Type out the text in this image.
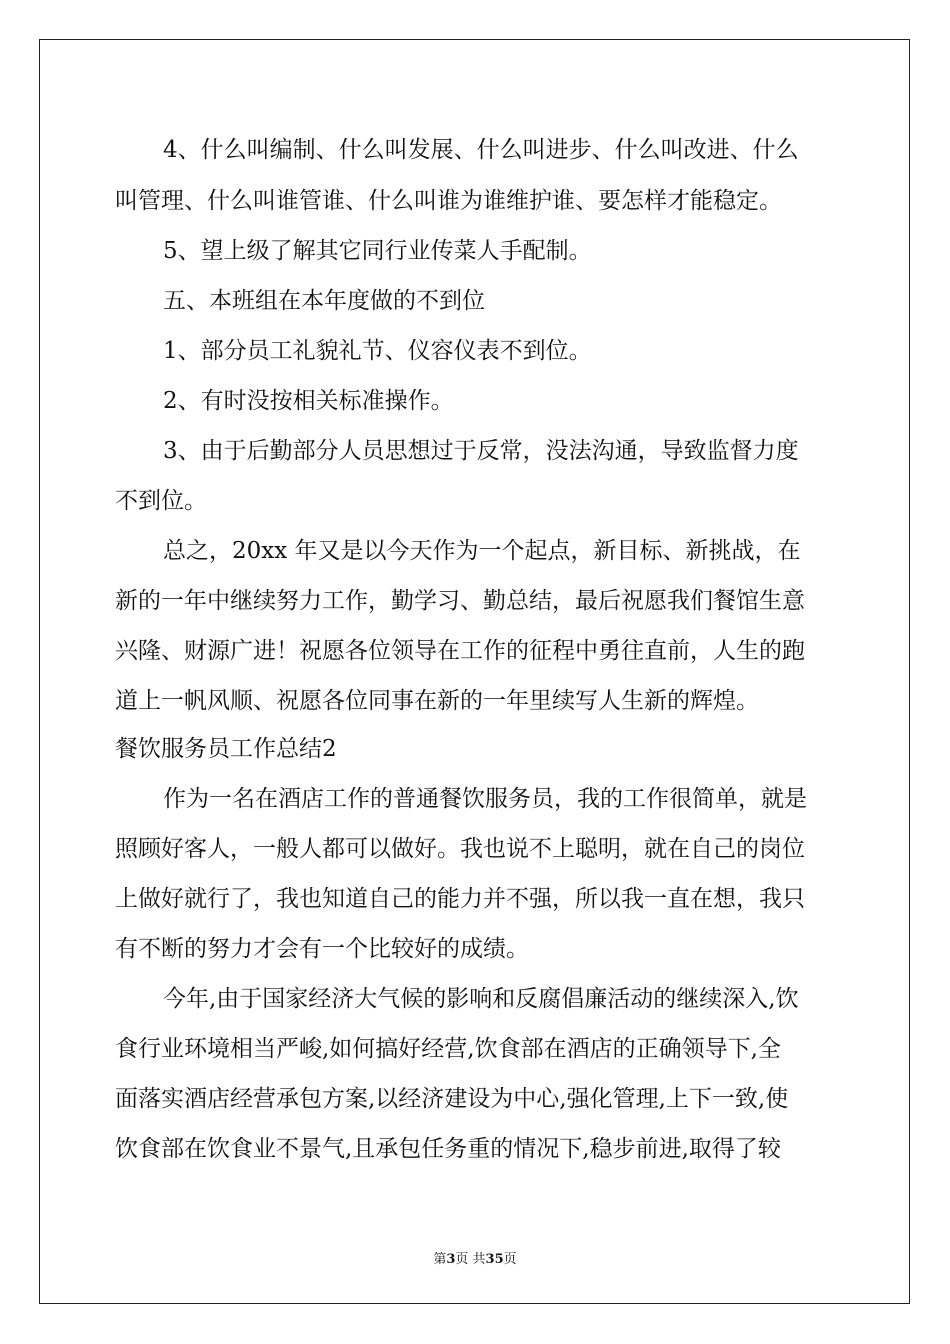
4、什么叫编制、什么叫发展、什么叫进步、什么叫改进、什么

叫管理、什么叫谁管谁、什么叫谁为谁维护谁、要怎样才能稳定。

5、望上级了解其它同行业传菜人手配制。

五、本班组在本年度做的不到位

1、部分员工礼貌礼节、仪容仪表不到位。

2、有时没按相关标准操作。

3、由于后勤部分人员思想过于反常，没法沟通，导致监督力度

不到位。

总之，20xx 年又是以今天作为一个起点，新目标、新挑战，在

新的一年中继续努力工作，勤学习、勤总结，最后祝愿我们餐馆生意

兴隆、财源广进！祝愿各位领导在工作的征程中勇往直前，人生的跑

道上一帆风顺、祝愿各位同事在新的一年里续写人生新的辉煌。

餐饮服务员工作总结2

作为一名在酒店工作的普通餐饮服务员，我的工作很简单，就是

照顾好客人，一般人都可以做好。我也说不上聪明，就在自己的岗位

上做好就行了，我也知道自己的能力并不强，所以我一直在想，我只

有不断的努力才会有一个比较好的成绩。

今年,由于国家经济大气候的影响和反腐倡廉活动的继续深入,饮

食行业环境相当严峻,如何搞好经营,饮食部在酒店的正确领导下,全

面落实酒店经营承包方案,以经济建设为中心,强化管理,上下一致,使

饮食部在饮食业不景气,且承包任务重的情况下,稳步前进,取得了较

第3页 共35页
